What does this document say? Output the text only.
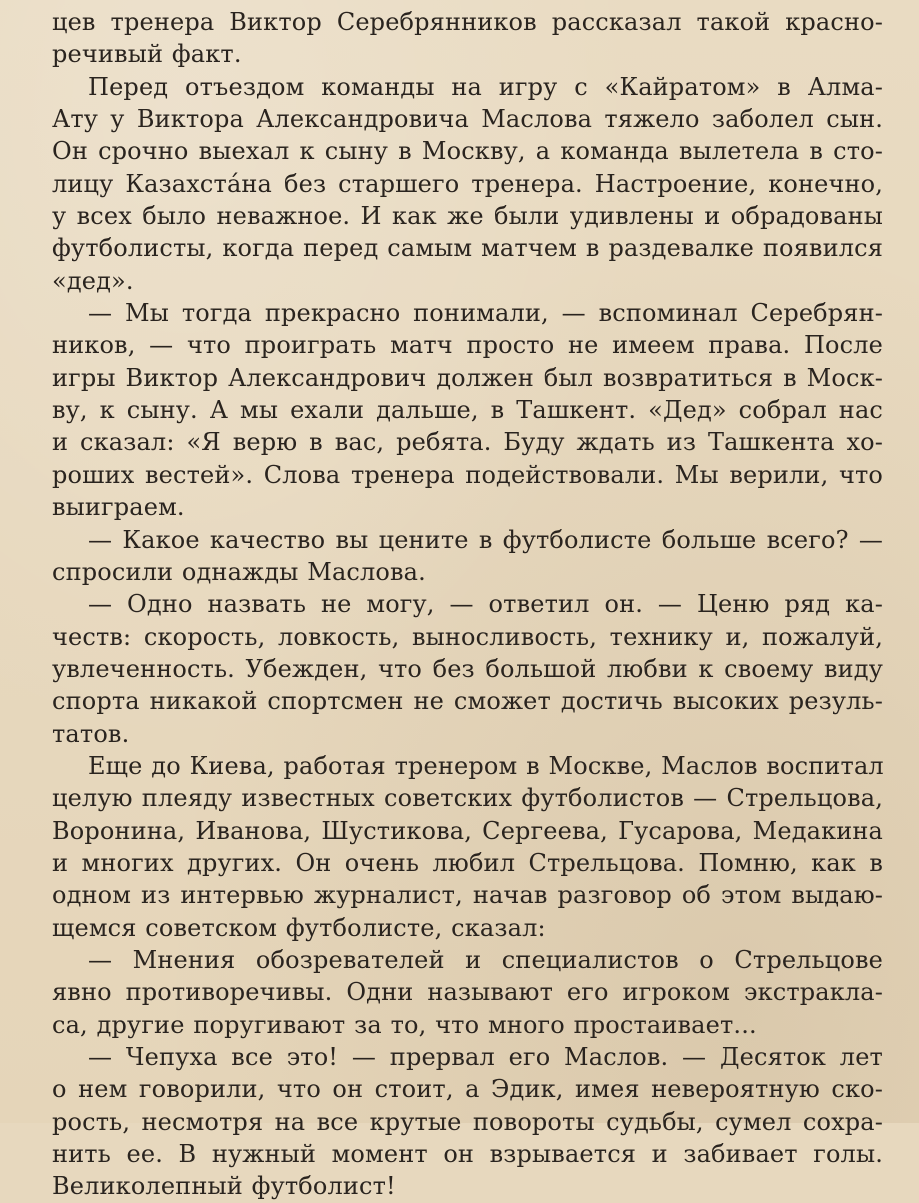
цев тренера Виктор Серебрянников рассказал такой красно-
речивый факт.
Перед отъездом команды на игру с «Кайратом» в Алма-
Ату у Виктора Александровича Маслова тяжело заболел сын.
Он срочно выехал к сыну в Москву, а команда вылетела в сто-
лицу Казахстáна без старшего тренера. Настроение, конечно,
у всех было неважное. И как же были удивлены и обрадованы
футболисты, когда перед самым матчем в раздевалке появился
«дед».
— Мы тогда прекрасно понимали, — вспоминал Серебрян-
ников, — что проиграть матч просто не имеем права. После
игры Виктор Александрович должен был возвратиться в Моск-
ву, к сыну. А мы ехали дальше, в Ташкент. «Дед» собрал нас
и сказал: «Я верю в вас, ребята. Буду ждать из Ташкента хо-
роших вестей». Слова тренера подействовали. Мы верили, что
выиграем.
— Какое качество вы цените в футболисте больше всего? —
спросили однажды Маслова.
— Одно назвать не могу, — ответил он. — Ценю ряд ка-
честв: скорость, ловкость, выносливость, технику и, пожалуй,
увлеченность. Убежден, что без большой любви к своему виду
спорта никакой спортсмен не сможет достичь высоких резуль-
татов.
Еще до Киева, работая тренером в Москве, Маслов воспитал
целую плеяду известных советских футболистов — Стрельцова,
Воронина, Иванова, Шустикова, Сергеева, Гусарова, Медакина
и многих других. Он очень любил Стрельцова. Помню, как в
одном из интервью журналист, начав разговор об этом выдаю-
щемся советском футболисте, сказал:
— Мнения обозревателей и специалистов о Стрельцове
явно противоречивы. Одни называют его игроком экстракла-
са, другие поругивают за то, что много простаивает...
— Чепуха все это! — прервал его Маслов. — Десяток лет
о нем говорили, что он стоит, а Эдик, имея невероятную ско-
рость, несмотря на все крутые повороты судьбы, сумел сохра-
нить ее. В нужный момент он взрывается и забивает голы.
Великолепный футболист!
